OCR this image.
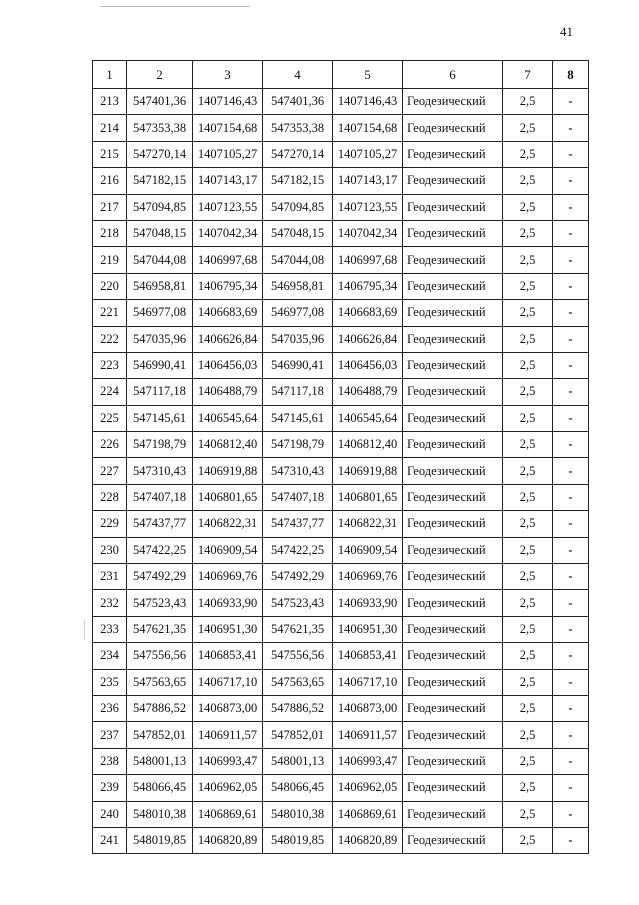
41
1	2	3	4	5	6	7	8
213	547401,36	1407146,43	547401,36	1407146,43	Геодезический	2,5	-
214	547353,38	1407154,68	547353,38	1407154,68	Геодезический	2,5	-
215	547270,14	1407105,27	547270,14	1407105,27	Геодезический	2,5	-
216	547182,15	1407143,17	547182,15	1407143,17	Геодезический	2,5	-
217	547094,85	1407123,55	547094,85	1407123,55	Геодезический	2,5	-
218	547048,15	1407042,34	547048,15	1407042,34	Геодезический	2,5	-
219	547044,08	1406997,68	547044,08	1406997,68	Геодезический	2,5	-
220	546958,81	1406795,34	546958,81	1406795,34	Геодезический	2,5	-
221	546977,08	1406683,69	546977,08	1406683,69	Геодезический	2,5	-
222	547035,96	1406626,84	547035,96	1406626,84	Геодезический	2,5	-
223	546990,41	1406456,03	546990,41	1406456,03	Геодезический	2,5	-
224	547117,18	1406488,79	547117,18	1406488,79	Геодезический	2,5	-
225	547145,61	1406545,64	547145,61	1406545,64	Геодезический	2,5	-
226	547198,79	1406812,40	547198,79	1406812,40	Геодезический	2,5	-
227	547310,43	1406919,88	547310,43	1406919,88	Геодезический	2,5	-
228	547407,18	1406801,65	547407,18	1406801,65	Геодезический	2,5	-
229	547437,77	1406822,31	547437,77	1406822,31	Геодезический	2,5	-
230	547422,25	1406909,54	547422,25	1406909,54	Геодезический	2,5	-
231	547492,29	1406969,76	547492,29	1406969,76	Геодезический	2,5	-
232	547523,43	1406933,90	547523,43	1406933,90	Геодезический	2,5	-
233	547621,35	1406951,30	547621,35	1406951,30	Геодезический	2,5	-
234	547556,56	1406853,41	547556,56	1406853,41	Геодезический	2,5	-
235	547563,65	1406717,10	547563,65	1406717,10	Геодезический	2,5	-
236	547886,52	1406873,00	547886,52	1406873,00	Геодезический	2,5	-
237	547852,01	1406911,57	547852,01	1406911,57	Геодезический	2,5	-
238	548001,13	1406993,47	548001,13	1406993,47	Геодезический	2,5	-
239	548066,45	1406962,05	548066,45	1406962,05	Геодезический	2,5	-
240	548010,38	1406869,61	548010,38	1406869,61	Геодезический	2,5	-
241	548019,85	1406820,89	548019,85	1406820,89	Геодезический	2,5	-
